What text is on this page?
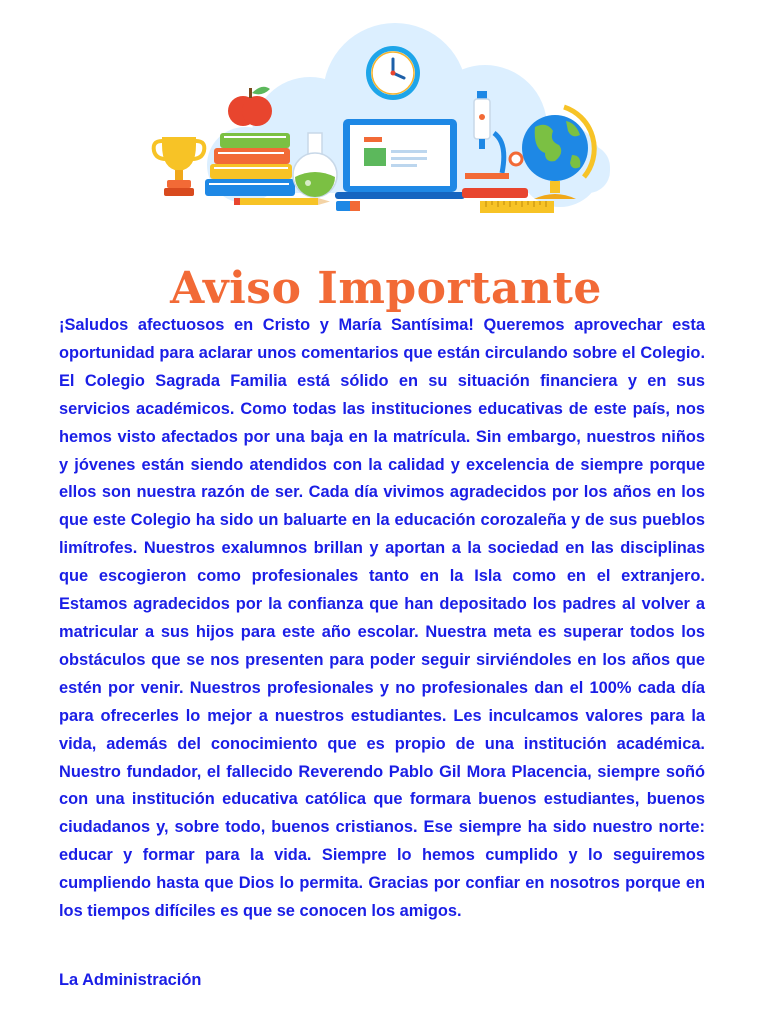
Aviso Importante

¡Saludos afectuosos en Cristo y María Santísima! Queremos aprovechar esta oportunidad para aclarar unos comentarios que están circulando sobre el Colegio. El Colegio Sagrada Familia está sólido en su situación financiera y en sus servicios académicos. Como todas las instituciones educativas de este país, nos hemos visto afectados por una baja en la matrícula. Sin embargo, nuestros niños y jóvenes están siendo atendidos con la calidad y excelencia de siempre porque ellos son nuestra razón de ser. Cada día vivimos agradecidos por los años en los que este Colegio ha sido un baluarte en la educación corozaleña y de sus pueblos limítrofes. Nuestros exalumnos brillan y aportan a la sociedad en las disciplinas que escogieron como profesionales tanto en la Isla como en el extranjero. Estamos agradecidos por la confianza que han depositado los padres al volver a matricular a sus hijos para este año escolar. Nuestra meta es superar todos los obstáculos que se nos presenten para poder seguir sirviéndoles en los años que estén por venir. Nuestros profesionales y no profesionales dan el 100% cada día para ofrecerles lo mejor a nuestros estudiantes. Les inculcamos valores para la vida, además del conocimiento que es propio de una institución académica. Nuestro fundador, el fallecido Reverendo Pablo Gil Mora Placencia, siempre soñó con una institución educativa católica que formara buenos estudiantes, buenos ciudadanos y, sobre todo, buenos cristianos. Ese siempre ha sido nuestro norte: educar y formar para la vida. Siempre lo hemos cumplido y lo seguiremos cumpliendo hasta que Dios lo permita. Gracias por confiar en nosotros porque en los tiempos difíciles es que se conocen los amigos.

La Administración
